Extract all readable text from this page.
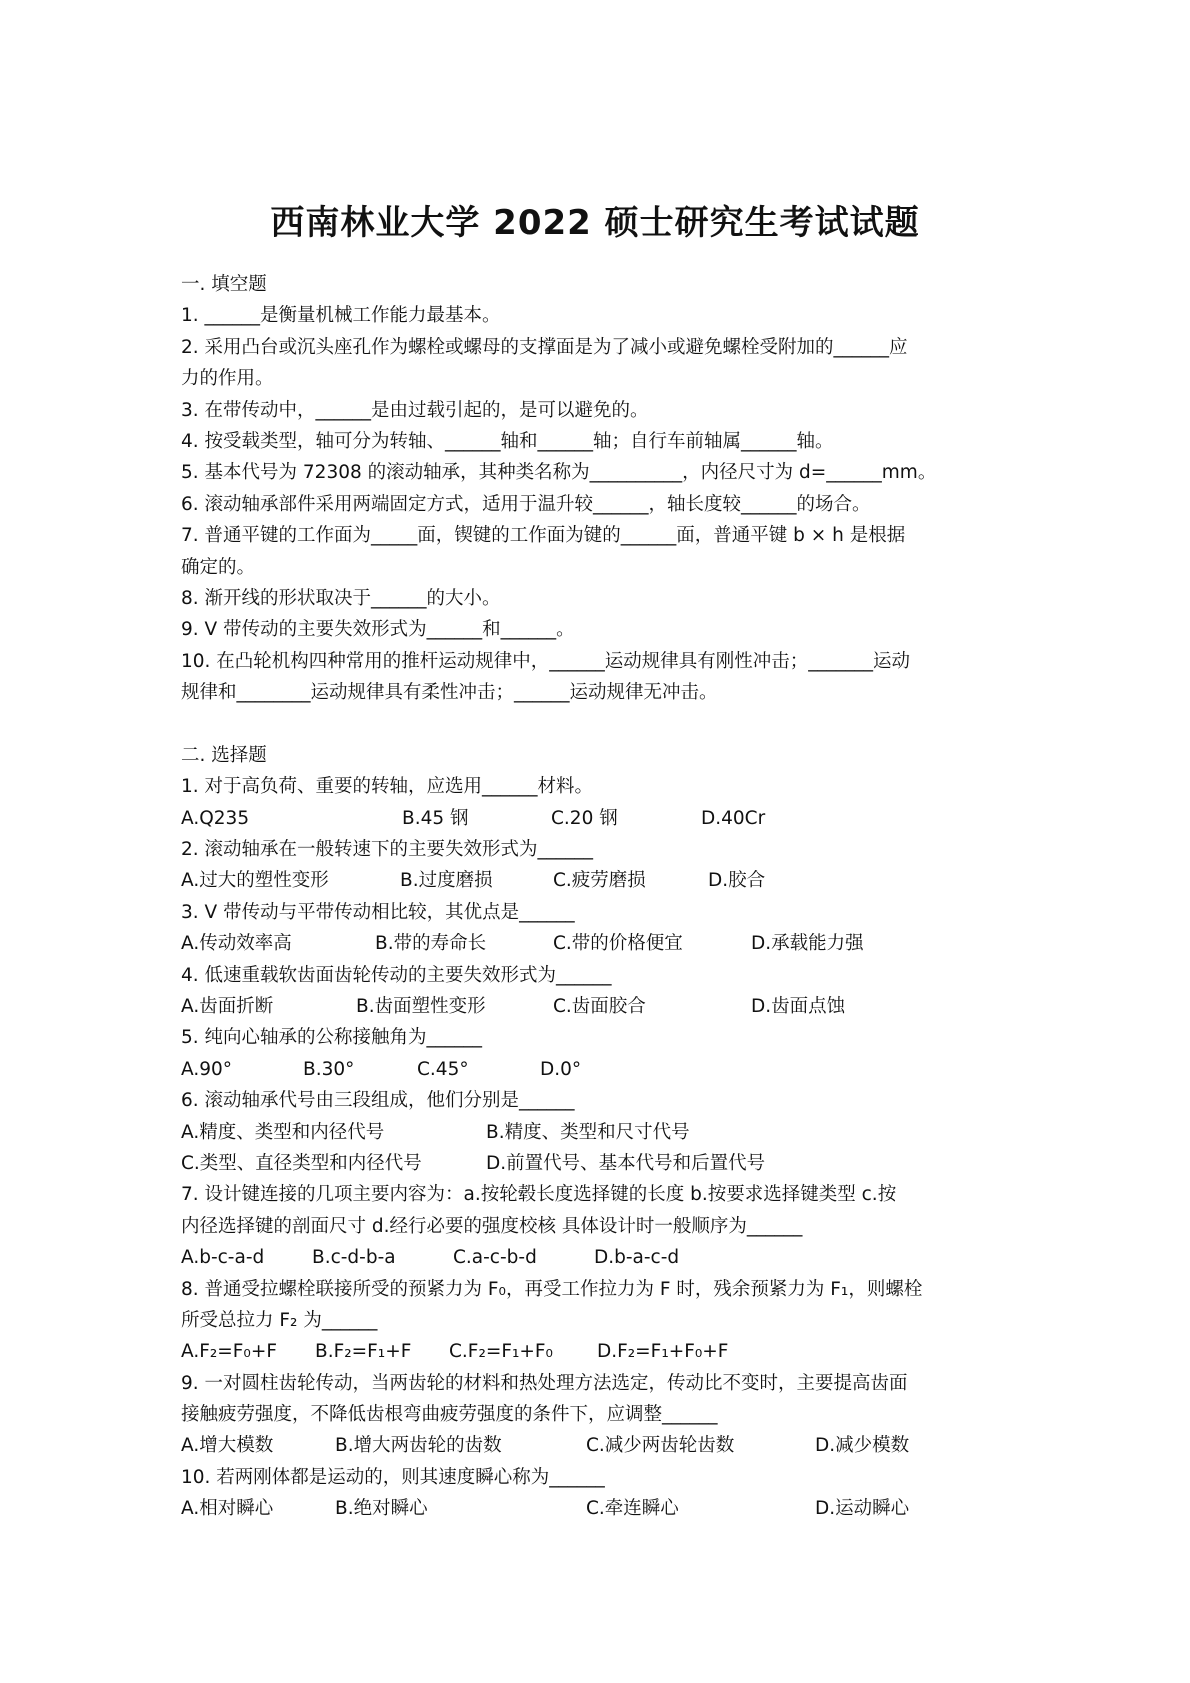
西南林业大学 2022 硕士研究生考试试题
一. 填空题
1. ______是衡量机械工作能力最基本。
2. 采用凸台或沉头座孔作为螺栓或螺母的支撑面是为了减小或避免螺栓受附加的______应
力的作用。
3. 在带传动中，______是由过载引起的，是可以避免的。
4. 按受载类型，轴可分为转轴、______轴和______轴；自行车前轴属______轴。
5. 基本代号为 72308 的滚动轴承，其种类名称为__________，内径尺寸为 d=______mm。
6. 滚动轴承部件采用两端固定方式，适用于温升较______，轴长度较______的场合。
7. 普通平键的工作面为_____面，锲键的工作面为键的______面，普通平键 b × h 是根据
确定的。
8. 渐开线的形状取决于______的大小。
9. V 带传动的主要失效形式为______和______。
10. 在凸轮机构四种常用的推杆运动规律中，______运动规律具有刚性冲击；_______运动
规律和________运动规律具有柔性冲击；______运动规律无冲击。
二. 选择题
1. 对于高负荷、重要的转轴，应选用______材料。
A.Q235	B.45 钢	C.20 钢	D.40Cr
2. 滚动轴承在一般转速下的主要失效形式为______
A.过大的塑性变形	B.过度磨损	C.疲劳磨损	D.胶合
3. V 带传动与平带传动相比较，其优点是______
A.传动效率高	B.带的寿命长	C.带的价格便宜	D.承载能力强
4. 低速重载软齿面齿轮传动的主要失效形式为______
A.齿面折断	B.齿面塑性变形	C.齿面胶合	D.齿面点蚀
5. 纯向心轴承的公称接触角为______
A.90°	B.30°	C.45°	D.0°
6. 滚动轴承代号由三段组成，他们分别是______
A.精度、类型和内径代号	B.精度、类型和尺寸代号
C.类型、直径类型和内径代号	D.前置代号、基本代号和后置代号
7. 设计键连接的几项主要内容为：a.按轮毂长度选择键的长度 b.按要求选择键类型 c.按
内径选择键的剖面尺寸 d.经行必要的强度校核 具体设计时一般顺序为______
A.b-c-a-d	B.c-d-b-a	C.a-c-b-d	D.b-a-c-d
8. 普通受拉螺栓联接所受的预紧力为 F₀，再受工作拉力为 F 时，残余预紧力为 F₁，则螺栓
所受总拉力 F₂ 为______
A.F₂=F₀+F	B.F₂=F₁+F	C.F₂=F₁+F₀	D.F₂=F₁+F₀+F
9. 一对圆柱齿轮传动，当两齿轮的材料和热处理方法选定，传动比不变时，主要提高齿面
接触疲劳强度，不降低齿根弯曲疲劳强度的条件下，应调整______
A.增大模数	B.增大两齿轮的齿数	C.减少两齿轮齿数	D.减少模数
10. 若两刚体都是运动的，则其速度瞬心称为______
A.相对瞬心	B.绝对瞬心	C.牵连瞬心	D.运动瞬心
